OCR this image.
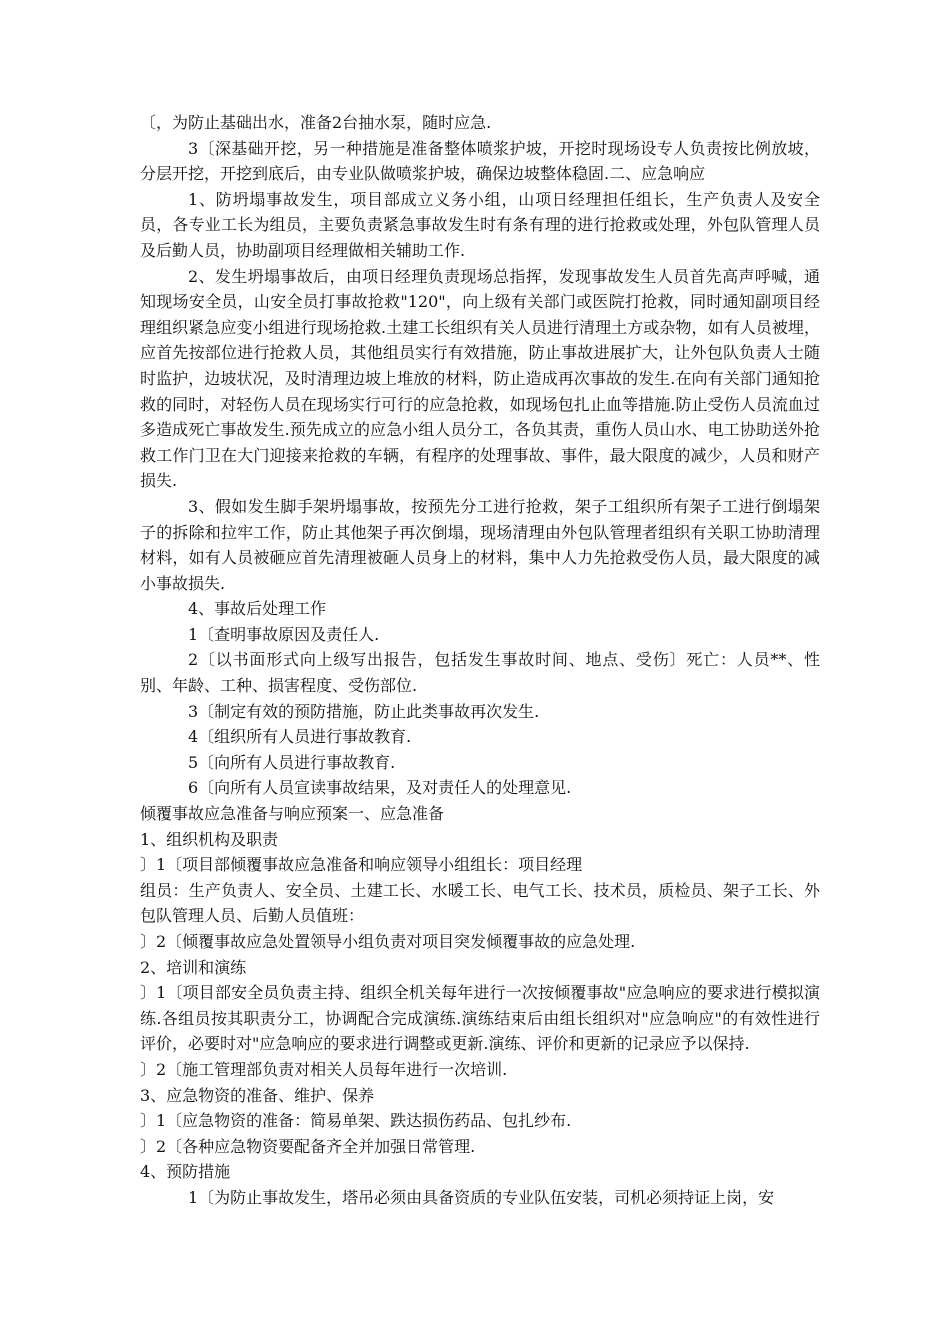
〔，为防止基础出水，准备2台抽水泵，随时应急.

3〔深基础开挖，另一种措施是准备整体喷浆护坡，开挖时现场设专人负责按比例放坡，分层开挖，开挖到底后，由专业队做喷浆护坡，确保边坡整体稳固.二、应急响应

1、防坍塌事故发生，项目部成立义务小组，山项日经理担任组长，生产负责人及安全员，各专业工长为组员，主要负责紧急事故发生时有条有理的进行抢救或处理，外包队管理人员及后勤人员，协助副项目经理做相关辅助工作.

2、发生坍塌事故后，由项日经理负责现场总指挥，发现事故发生人员首先高声呼喊，通知现场安全员，山安全员打事故抢救"120"，向上级有关部门或医院打抢救，同时通知副项目经理组织紧急应变小组进行现场抢救.土建工长组织有关人员进行清理土方或杂物，如有人员被埋，应首先按部位进行抢救人员，其他组员实行有效措施，防止事故进展扩大，让外包队负责人士随时监护，边坡状况，及时清理边坡上堆放的材料，防止造成再次事故的发生.在向有关部门通知抢救的同时，对轻伤人员在现场实行可行的应急抢救，如现场包扎止血等措施.防止受伤人员流血过多造成死亡事故发生.预先成立的应急小组人员分工，各负其责，重伤人员山水、电工协助送外抢救工作门卫在大门迎接来抢救的车辆，有程序的处理事故、事件，最大限度的减少，人员和财产损失.

3、假如发生脚手架坍塌事故，按预先分工进行抢救，架子工组织所有架子工进行倒塌架子的拆除和拉牢工作，防止其他架子再次倒塌，现场清理由外包队管理者组织有关职工协助清理材料，如有人员被砸应首先清理被砸人员身上的材料，集中人力先抢救受伤人员，最大限度的减小事故损失.

4、事故后处理工作

1〔查明事故原因及责任人.

2〔以书面形式向上级写出报告，包括发生事故时间、地点、受伤〕死亡：人员**、性别、年龄、工种、损害程度、受伤部位.

3〔制定有效的预防措施，防止此类事故再次发生.

4〔组织所有人员进行事故教育.

5〔向所有人员进行事故教育.

6〔向所有人员宣读事故结果，及对责任人的处理意见.

倾覆事故应急准备与响应预案一、应急准备

1、组织机构及职责

〕1〔项目部倾覆事故应急准备和响应领导小组组长：项目经理

组员：生产负责人、安全员、土建工长、水暖工长、电气工长、技术员，质检员、架子工长、外包队管理人员、后勤人员值班：

〕2〔倾覆事故应急处置领导小组负责对项目突发倾覆事故的应急处理.

2、培训和演练

〕1〔项目部安全员负责主持、组织全机关每年进行一次按倾覆事故"应急响应的要求进行模拟演练.各组员按其职责分工，协调配合完成演练.演练结束后由组长组织对"应急响应"的有效性进行评价，必要时对"应急响应的要求进行调整或更新.演练、评价和更新的记录应予以保持.

〕2〔施工管理部负责对相关人员每年进行一次培训.

3、应急物资的准备、维护、保养

〕1〔应急物资的准备：简易单架、跌达损伤药品、包扎纱布.

〕2〔各种应急物资要配备齐全并加强日常管理.

4、预防措施

1〔为防止事故发生，塔吊必须由具备资质的专业队伍安装，司机必须持证上岗，安
